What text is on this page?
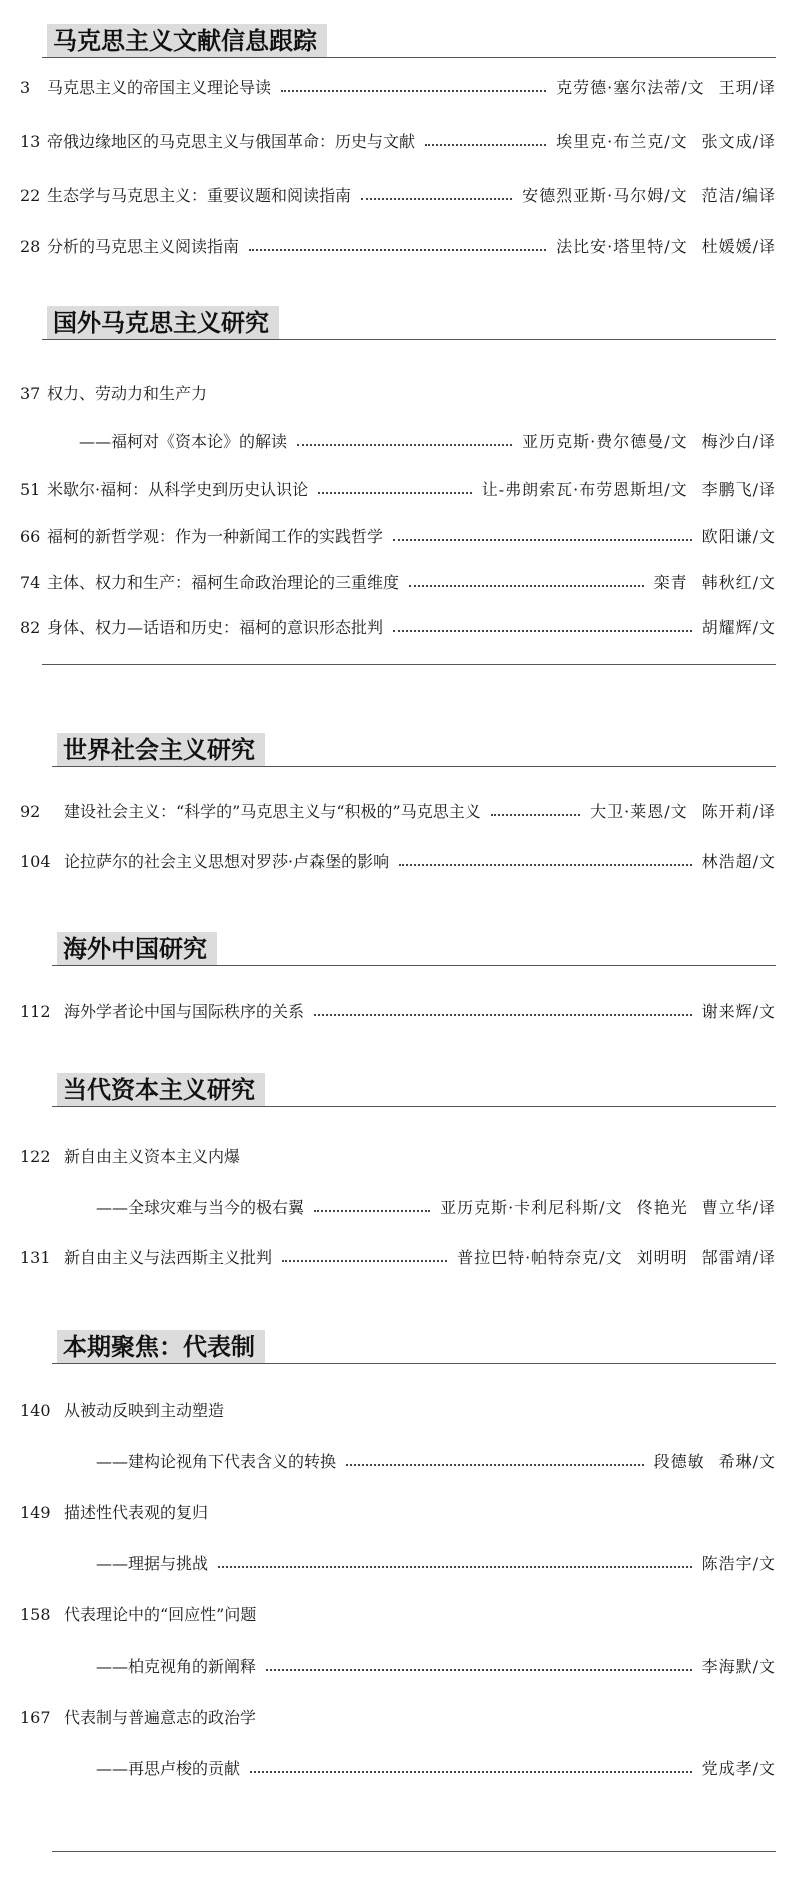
马克思主义文献信息跟踪
3	马克思主义的帝国主义理论导读	克劳德·塞尔法蒂/文 王玥/译
13 帝俄边缘地区的马克思主义与俄国革命：历史与文献	埃里克·布兰克/文 张文成/译
22 生态学与马克思主义：重要议题和阅读指南	安德烈亚斯·马尔姆/文 范洁/编译
28 分析的马克思主义阅读指南	法比安·塔里特/文 杜媛媛/译
国外马克思主义研究
37 权力、劳动力和生产力
——福柯对《资本论》的解读	亚历克斯·费尔德曼/文 梅沙白/译
51 米歇尔·福柯：从科学史到历史认识论	让-弗朗索瓦·布劳恩斯坦/文 李鹏飞/译
66 福柯的新哲学观：作为一种新闻工作的实践哲学	欧阳谦/文
74 主体、权力和生产：福柯生命政治理论的三重维度	栾青 韩秋红/文
82 身体、权力—话语和历史：福柯的意识形态批判	胡耀辉/文
世界社会主义研究
92	建设社会主义：“科学的”马克思主义与“积极的”马克思主义	大卫·莱恩/文 陈开莉/译
104 论拉萨尔的社会主义思想对罗莎·卢森堡的影响	林浩超/文
海外中国研究
112 海外学者论中国与国际秩序的关系	谢来辉/文
当代资本主义研究
122 新自由主义资本主义内爆
——全球灾难与当今的极右翼	亚历克斯·卡利尼科斯/文 佟艳光 曹立华/译
131 新自由主义与法西斯主义批判	普拉巴特·帕特奈克/文 刘明明 郜雷靖/译
本期聚焦：代表制
140 从被动反映到主动塑造
——建构论视角下代表含义的转换	段德敏 希琳/文
149 描述性代表观的复归
——理据与挑战	陈浩宇/文
158 代表理论中的“回应性”问题
——柏克视角的新阐释	李海默/文
167 代表制与普遍意志的政治学
——再思卢梭的贡献	党成孝/文
